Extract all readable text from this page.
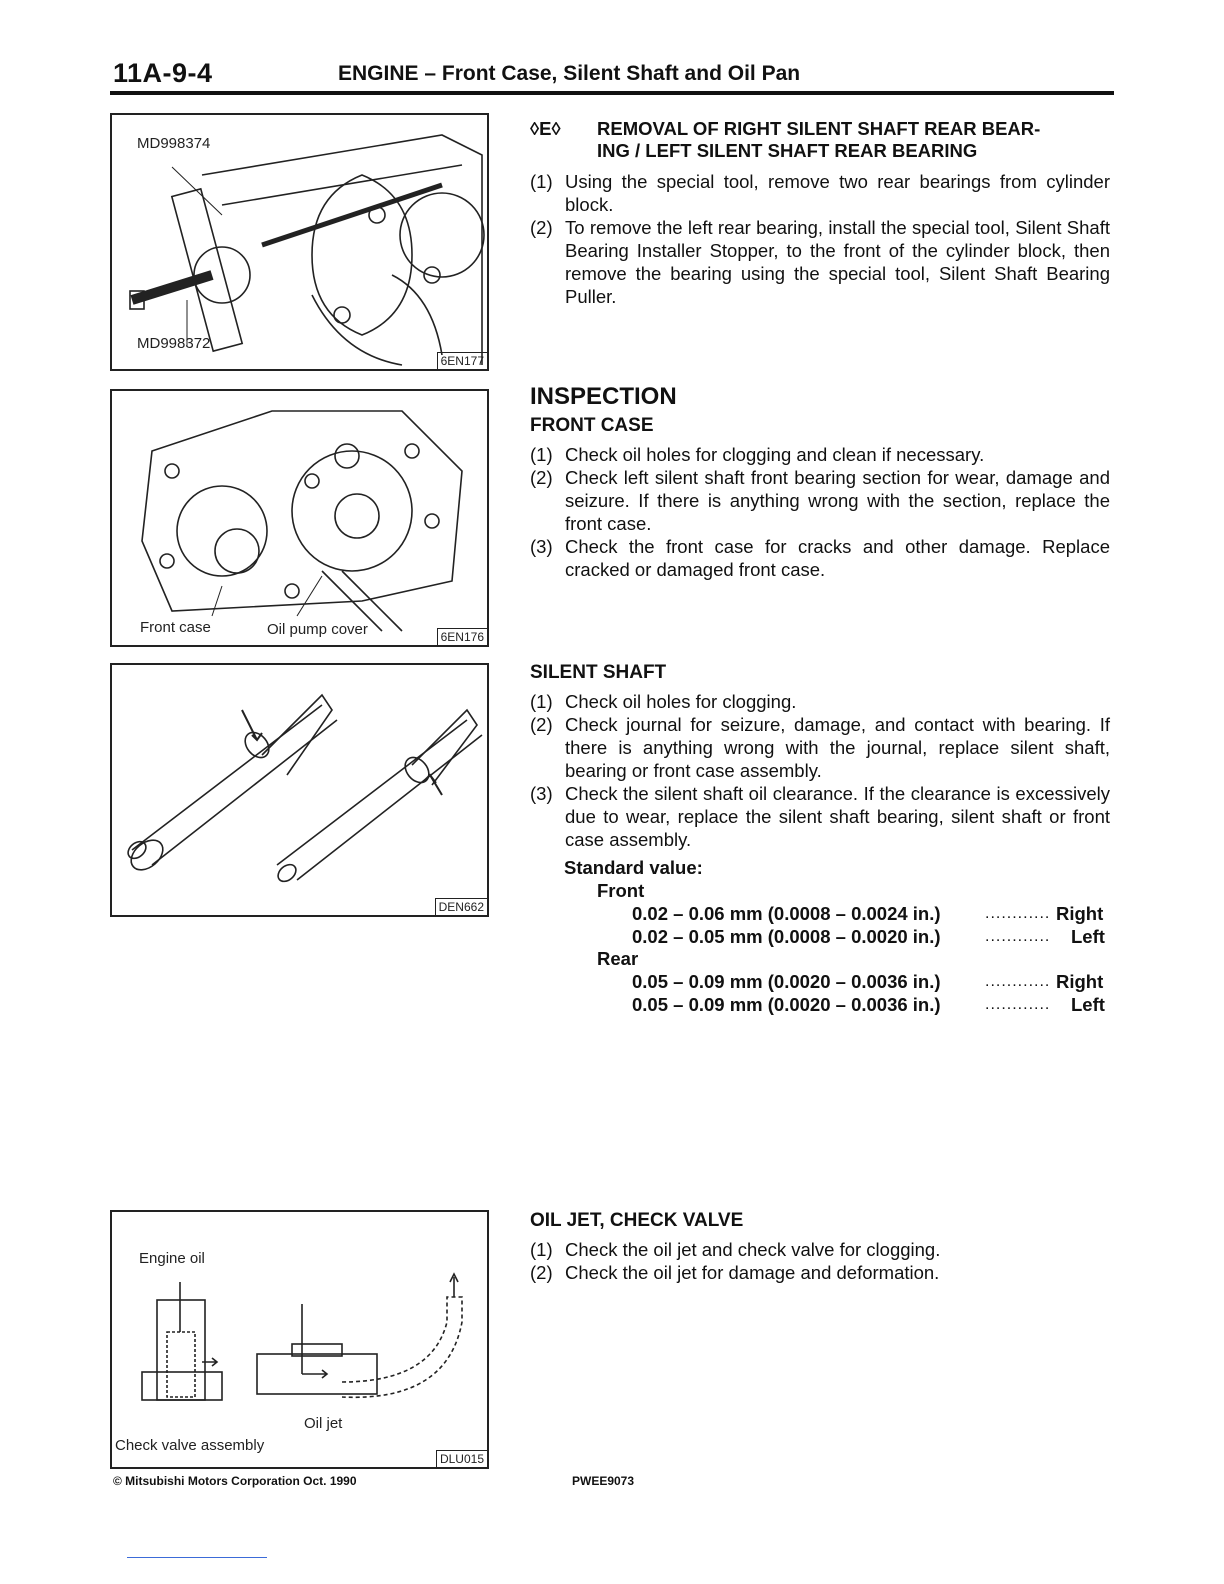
11A-9-4	ENGINE – Front Case, Silent Shaft and Oil Pan
MD998374
MD998372
6EN177
Front case	Oil pump cover	6EN176
DEN662
Engine oil
Oil jet
Check valve assembly
DLU015
◊E◊ REMOVAL OF RIGHT SILENT SHAFT REAR BEAR-
ING / LEFT SILENT SHAFT REAR BEARING
(1) Using the special tool, remove two rear bearings from cylinder block.
(2) To remove the left rear bearing, install the special tool, Silent Shaft Bearing Installer Stopper, to the front of the cylinder block, then remove the bearing using the special tool, Silent Shaft Bearing Puller.
INSPECTION
FRONT CASE
(1) Check oil holes for clogging and clean if necessary.
(2) Check left silent shaft front bearing section for wear, damage and seizure. If there is anything wrong with the section, replace the front case.
(3) Check the front case for cracks and other damage. Replace cracked or damaged front case.
SILENT SHAFT
(1) Check oil holes for clogging.
(2) Check journal for seizure, damage, and contact with bearing. If there is anything wrong with the journal, replace silent shaft, bearing or front case assembly.
(3) Check the silent shaft oil clearance. If the clearance is excessively due to wear, replace the silent shaft bearing, silent shaft or front case assembly.
Standard value:
Front
0.02 – 0.06 mm (0.0008 – 0.0024 in.)	............ Right
0.02 – 0.05 mm (0.0008 – 0.0020 in.)	............ Left
Rear
0.05 – 0.09 mm (0.0020 – 0.0036 in.)	............ Right
0.05 – 0.09 mm (0.0020 – 0.0036 in.)	............ Left
OIL JET, CHECK VALVE
(1) Check the oil jet and check valve for clogging.
(2) Check the oil jet for damage and deformation.
© Mitsubishi Motors Corporation Oct. 1990	PWEE9073
